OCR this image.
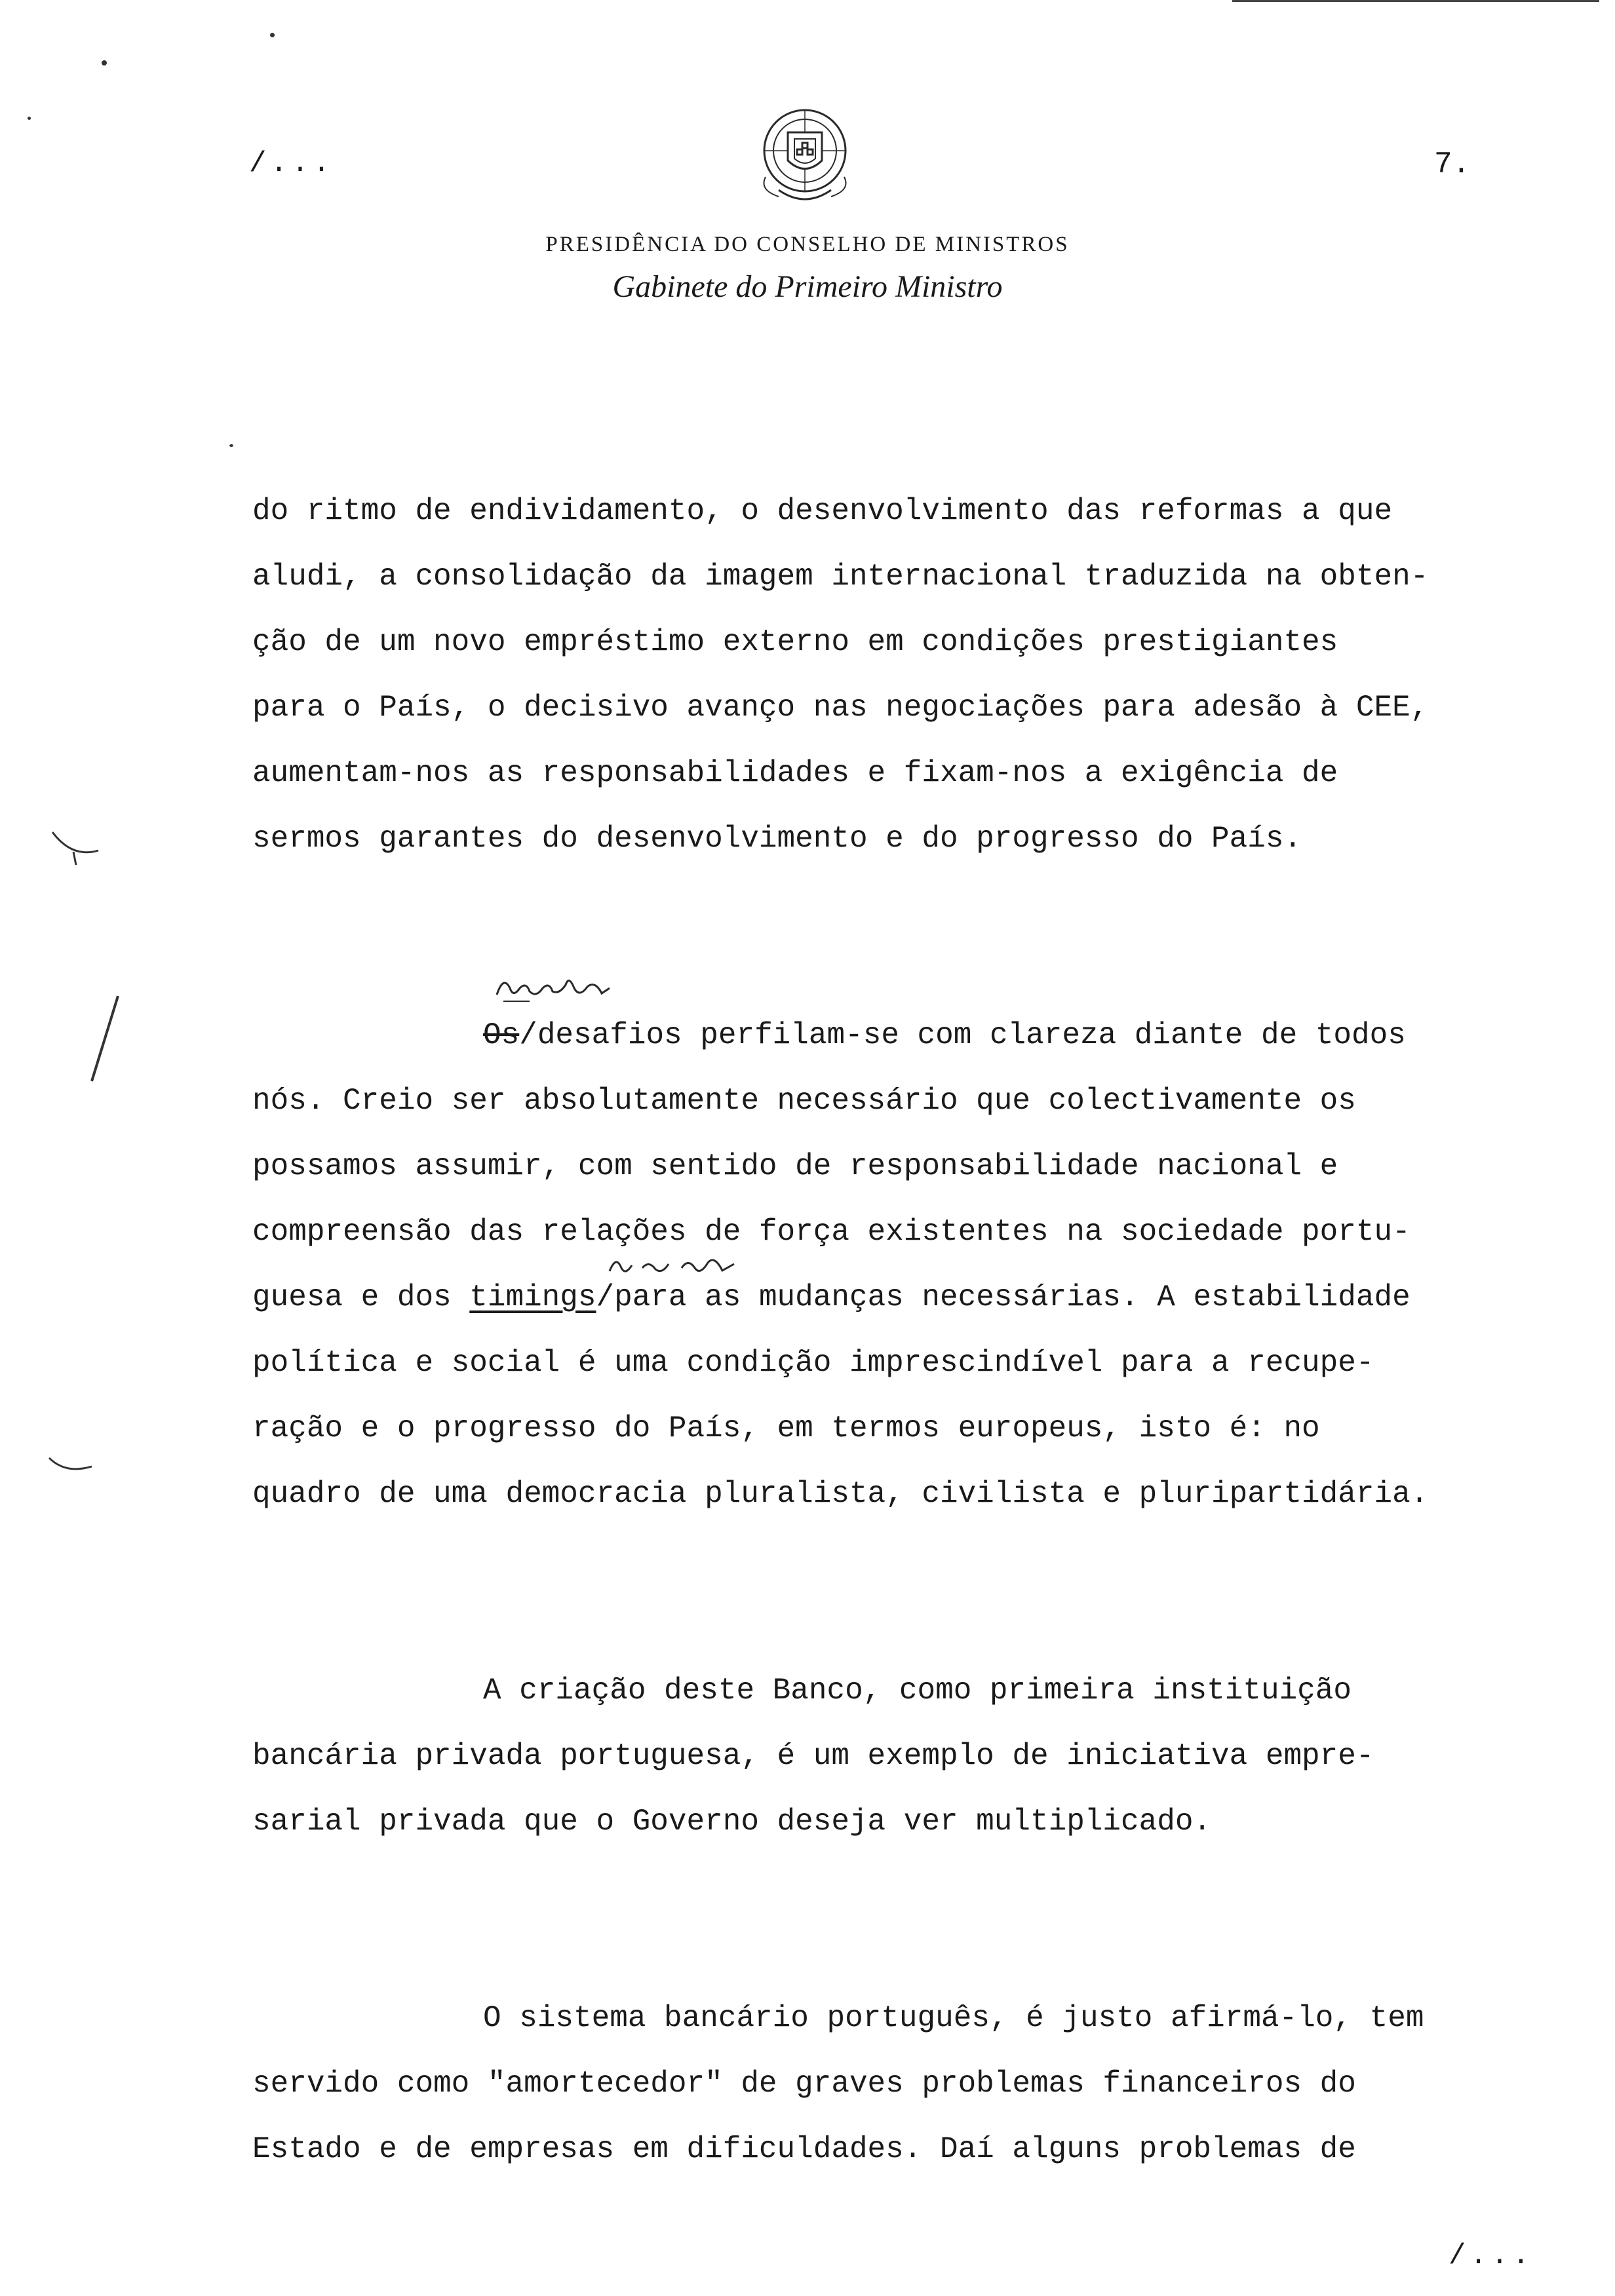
/...	7.
PRESIDÊNCIA DO CONSELHO DE MINISTROS
Gabinete do Primeiro Ministro
do ritmo de endividamento, o desenvolvimento das reformas a que
aludi, a consolidação da imagem internacional traduzida na obten-
ção de um novo empréstimo externo em condições prestigiantes
para o País, o decisivo avanço nas negociações para adesão à CEE,
aumentam-nos as responsabilidades e fixam-nos a exigência de
sermos garantes do desenvolvimento e do progresso do País.
Os/desafios perfilam-se com clareza diante de todos
nós. Creio ser absolutamente necessário que colectivamente os
possamos assumir, com sentido de responsabilidade nacional e
compreensão das relações de força existentes na sociedade portu-
guesa e dos timings/para as mudanças necessárias. A estabilidade
política e social é uma condição imprescindível para a recupe-
ração e o progresso do País, em termos europeus, isto é: no
quadro de uma democracia pluralista, civilista e pluripartidária.
A criação deste Banco, como primeira instituição
bancária privada portuguesa, é um exemplo de iniciativa empre-
sarial privada que o Governo deseja ver multiplicado.
O sistema bancário português, é justo afirmá-lo, tem
servido como "amortecedor" de graves problemas financeiros do
Estado e de empresas em dificuldades. Daí alguns problemas de
/...
